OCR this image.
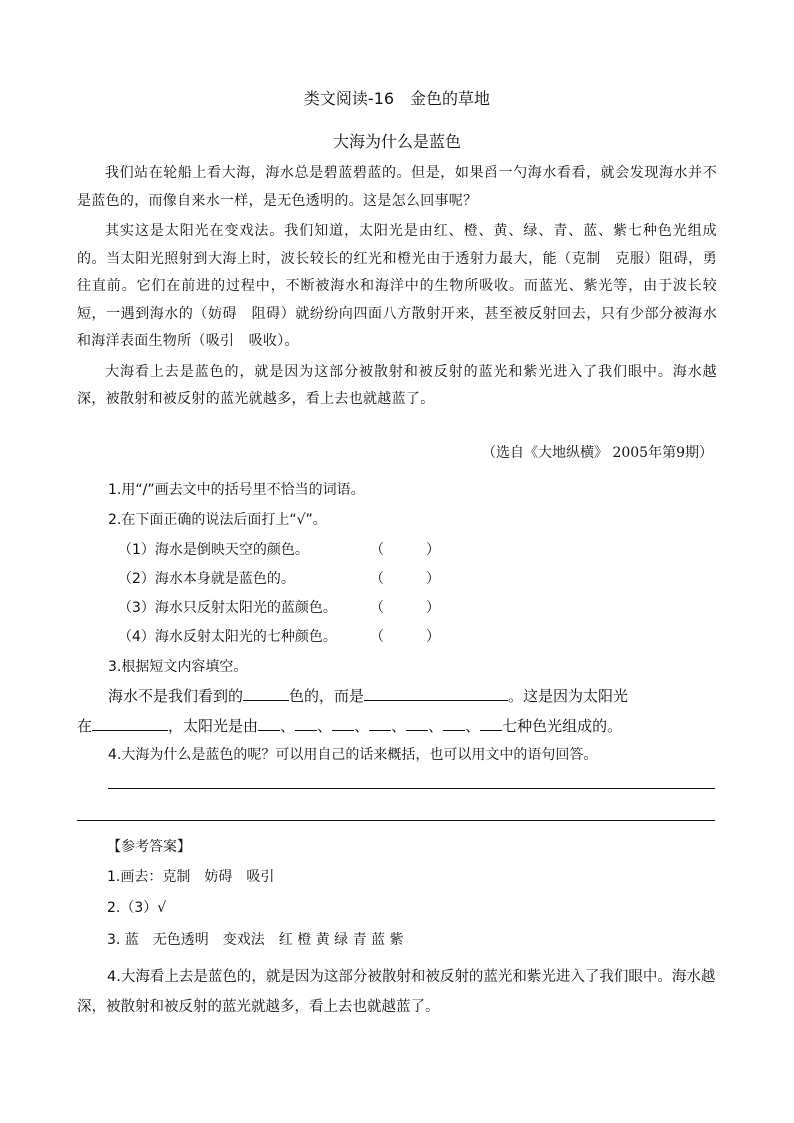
类文阅读-16　金色的草地
大海为什么是蓝色

我们站在轮船上看大海，海水总是碧蓝碧蓝的。但是，如果舀一勺海水看看，就会发现海水并不是蓝色的，而像自来水一样，是无色透明的。这是怎么回事呢？

其实这是太阳光在变戏法。我们知道，太阳光是由红、橙、黄、绿、青、蓝、紫七种色光组成的。当太阳光照射到大海上时，波长较长的红光和橙光由于透射力最大，能（克制　克服）阻碍，勇往直前。它们在前进的过程中，不断被海水和海洋中的生物所吸收。而蓝光、紫光等，由于波长较短，一遇到海水的（妨碍　阻碍）就纷纷向四面八方散射开来，甚至被反射回去，只有少部分被海水和海洋表面生物所（吸引　吸收）。

大海看上去是蓝色的，就是因为这部分被散射和被反射的蓝光和紫光进入了我们眼中。海水越深，被散射和被反射的蓝光就越多，看上去也就越蓝了。

（选自《大地纵横》 2005年第9期）
1.用“/”画去文中的括号里不恰当的词语。
2.在下面正确的说法后面打上“√”。
（1）海水是倒映天空的颜色。	（　　　）
（2）海水本身就是蓝色的。	（　　　）
（3）海水只反射太阳光的蓝颜色。 （　　　）
（4）海水反射太阳光的七种颜色。 （　　　）
3.根据短文内容填空。
海水不是我们看到的	色的，而是	。这是因为太阳光
在	，太阳光是由 、 、 、 、 、 、 七种色光组成的。
4.大海为什么是蓝色的呢？可以用自己的话来概括，也可以用文中的语句回答。
【参考答案】
1.画去：克制　妨碍　吸引
2.（3）√
3. 蓝　无色透明　变戏法　红 橙 黄 绿 青 蓝 紫
4.大海看上去是蓝色的，就是因为这部分被散射和被反射的蓝光和紫光进入了我们眼中。海水越深，被散射和被反射的蓝光就越多，看上去也就越蓝了。
